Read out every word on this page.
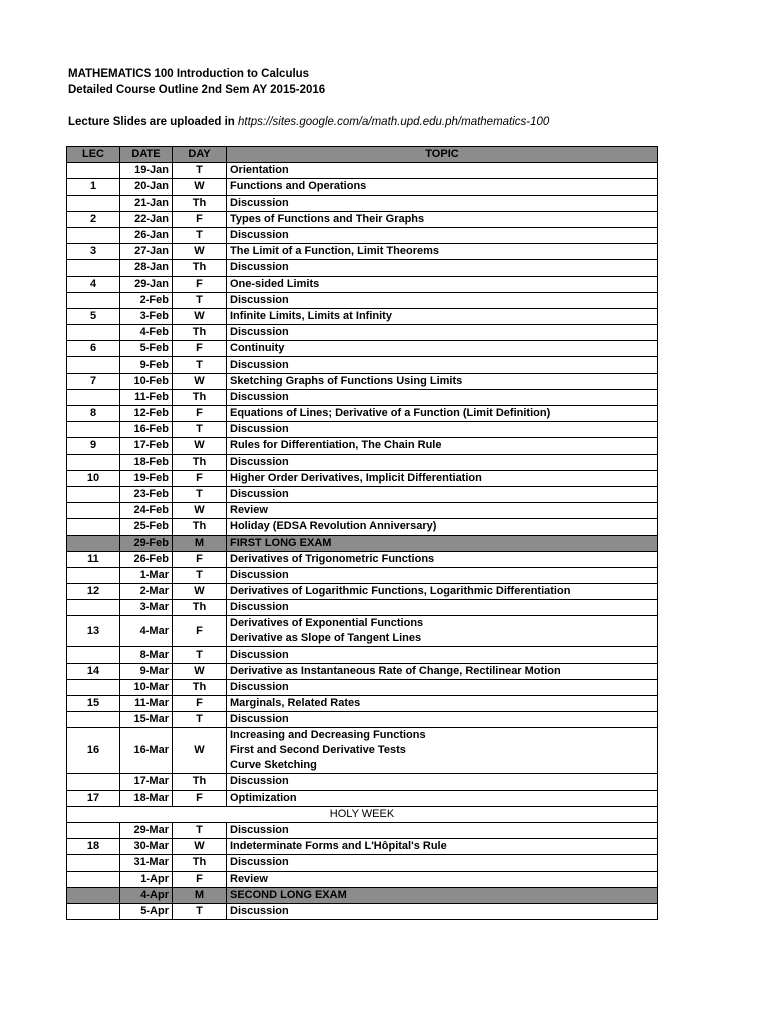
MATHEMATICS 100 Introduction to Calculus
Detailed Course Outline 2nd Sem AY 2015-2016
Lecture Slides are uploaded in https://sites.google.com/a/math.upd.edu.ph/mathematics-100
LEC	DATE	DAY	TOPIC
	19-Jan	T	Orientation

1	20-Jan	W	Functions and Operations

	21-Jan	Th	Discussion

2	22-Jan	F	Types of Functions and Their Graphs

	26-Jan	T	Discussion

3	27-Jan	W	The Limit of a Function, Limit Theorems

	28-Jan	Th	Discussion

4	29-Jan	F	One-sided Limits

	2-Feb	T	Discussion

5	3-Feb	W	Infinite Limits, Limits at Infinity

	4-Feb	Th	Discussion

6	5-Feb	F	Continuity

	9-Feb	T	Discussion

7	10-Feb	W	Sketching Graphs of Functions Using Limits

	11-Feb	Th	Discussion

8	12-Feb	F	Equations of Lines; Derivative of a Function (Limit Definition)

	16-Feb	T	Discussion

9	17-Feb	W	Rules for Differentiation, The Chain Rule

	18-Feb	Th	Discussion

10	19-Feb	F	Higher Order Derivatives, Implicit Differentiation

	23-Feb	T	Discussion

	24-Feb	W	Review

	25-Feb	Th	Holiday (EDSA Revolution Anniversary)

	29-Feb	M	FIRST LONG EXAM

11	26-Feb	F	Derivatives of Trigonometric Functions

	1-Mar	T	Discussion

12	2-Mar	W	Derivatives of Logarithmic Functions, Logarithmic Differentiation

	3-Mar	Th	Discussion

13	4-Mar	F	Derivatives of Exponential Functions
Derivative as Slope of Tangent Lines

	8-Mar	T	Discussion

14	9-Mar	W	Derivative as Instantaneous Rate of Change, Rectilinear Motion

	10-Mar	Th	Discussion

15	11-Mar	F	Marginals, Related Rates

	15-Mar	T	Discussion

16	16-Mar	W	Increasing and Decreasing Functions
First and Second Derivative Tests
Curve Sketching

	17-Mar	Th	Discussion

17	18-Mar	F	Optimization

HOLY WEEK			
	29-Mar	T	Discussion

18	30-Mar	W	Indeterminate Forms and L'Hôpital's Rule

	31-Mar	Th	Discussion

	1-Apr	F	Review

	4-Apr	M	SECOND LONG EXAM

	5-Apr	T	Discussion
